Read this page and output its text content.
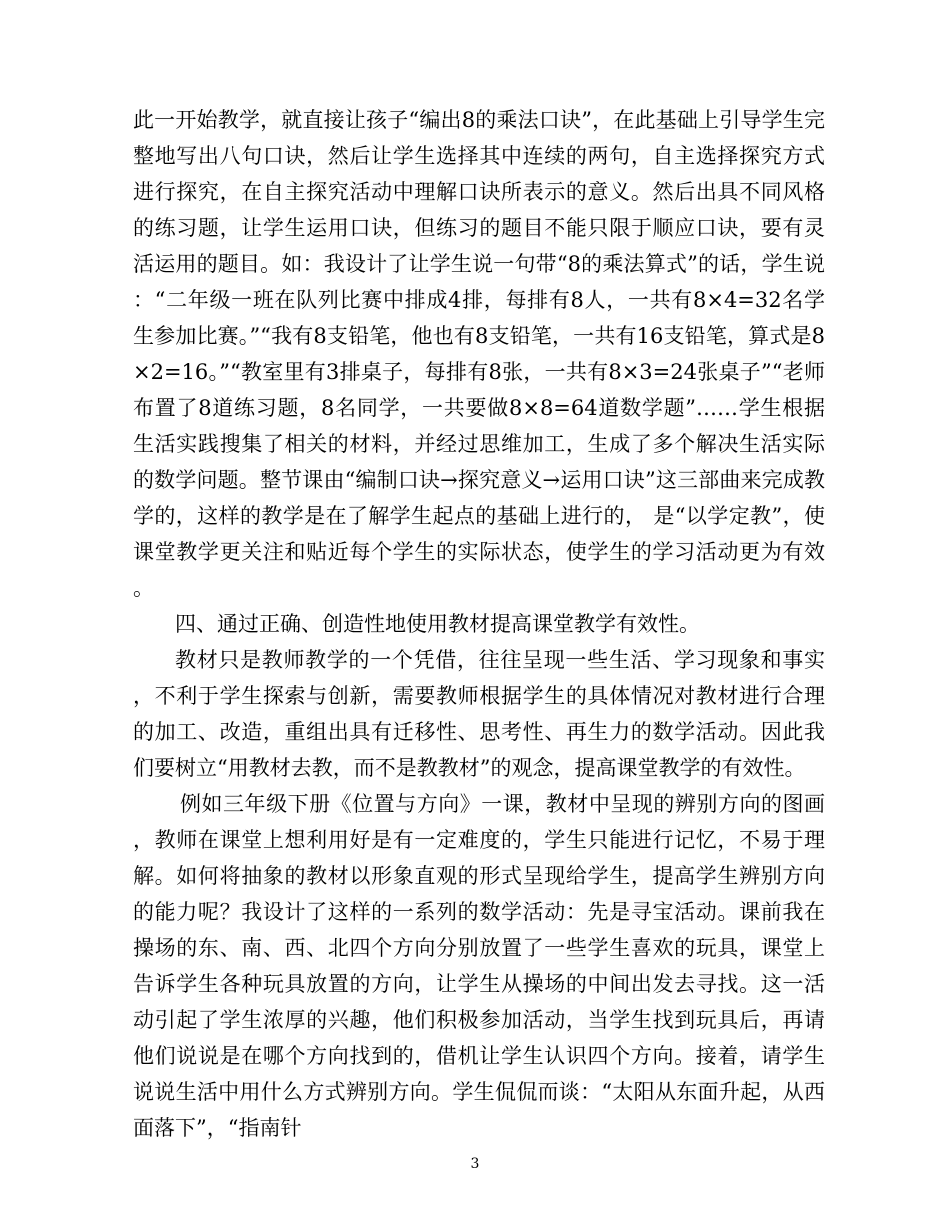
此一开始教学，就直接让孩子“编出8的乘法口诀”，在此基础上引导学生完整地写出八句口诀，然后让学生选择其中连续的两句，自主选择探究方式进行探究，在自主探究活动中理解口诀所表示的意义。然后出具不同风格的练习题，让学生运用口诀，但练习的题目不能只限于顺应口诀，要有灵活运用的题目。如：我设计了让学生说一句带“8的乘法算式”的话，学生说：“二年级一班在队列比赛中排成4排，每排有8人，一共有8×4=32名学生参加比赛。”“我有8支铅笔，他也有8支铅笔，一共有16支铅笔，算式是8×2=16。”“教室里有3排桌子，每排有8张，一共有8×3=24张桌子”“老师布置了8道练习题，8名同学，一共要做8×8=64道数学题”……学生根据生活实践搜集了相关的材料，并经过思维加工，生成了多个解决生活实际的数学问题。整节课由“编制口诀→探究意义→运用口诀”这三部曲来完成教学的，这样的教学是在了解学生起点的基础上进行的， 是“以学定教”，使课堂教学更关注和贴近每个学生的实际状态，使学生的学习活动更为有效。

四、通过正确、创造性地使用教材提高课堂教学有效性。

教材只是教师教学的一个凭借，往往呈现一些生活、学习现象和事实，不利于学生探索与创新，需要教师根据学生的具体情况对教材进行合理的加工、改造，重组出具有迁移性、思考性、再生力的数学活动。因此我们要树立“用教材去教，而不是教教材”的观念，提高课堂教学的有效性。

例如三年级下册《位置与方向》一课，教材中呈现的辨别方向的图画，教师在课堂上想利用好是有一定难度的，学生只能进行记忆，不易于理解。如何将抽象的教材以形象直观的形式呈现给学生，提高学生辨别方向的能力呢？我设计了这样的一系列的数学活动：先是寻宝活动。课前我在操场的东、南、西、北四个方向分别放置了一些学生喜欢的玩具，课堂上告诉学生各种玩具放置的方向，让学生从操场的中间出发去寻找。这一活动引起了学生浓厚的兴趣，他们积极参加活动，当学生找到玩具后，再请他们说说是在哪个方向找到的，借机让学生认识四个方向。接着，请学生说说生活中用什么方式辨别方向。学生侃侃而谈：“太阳从东面升起，从西面落下”，“指南针

3
